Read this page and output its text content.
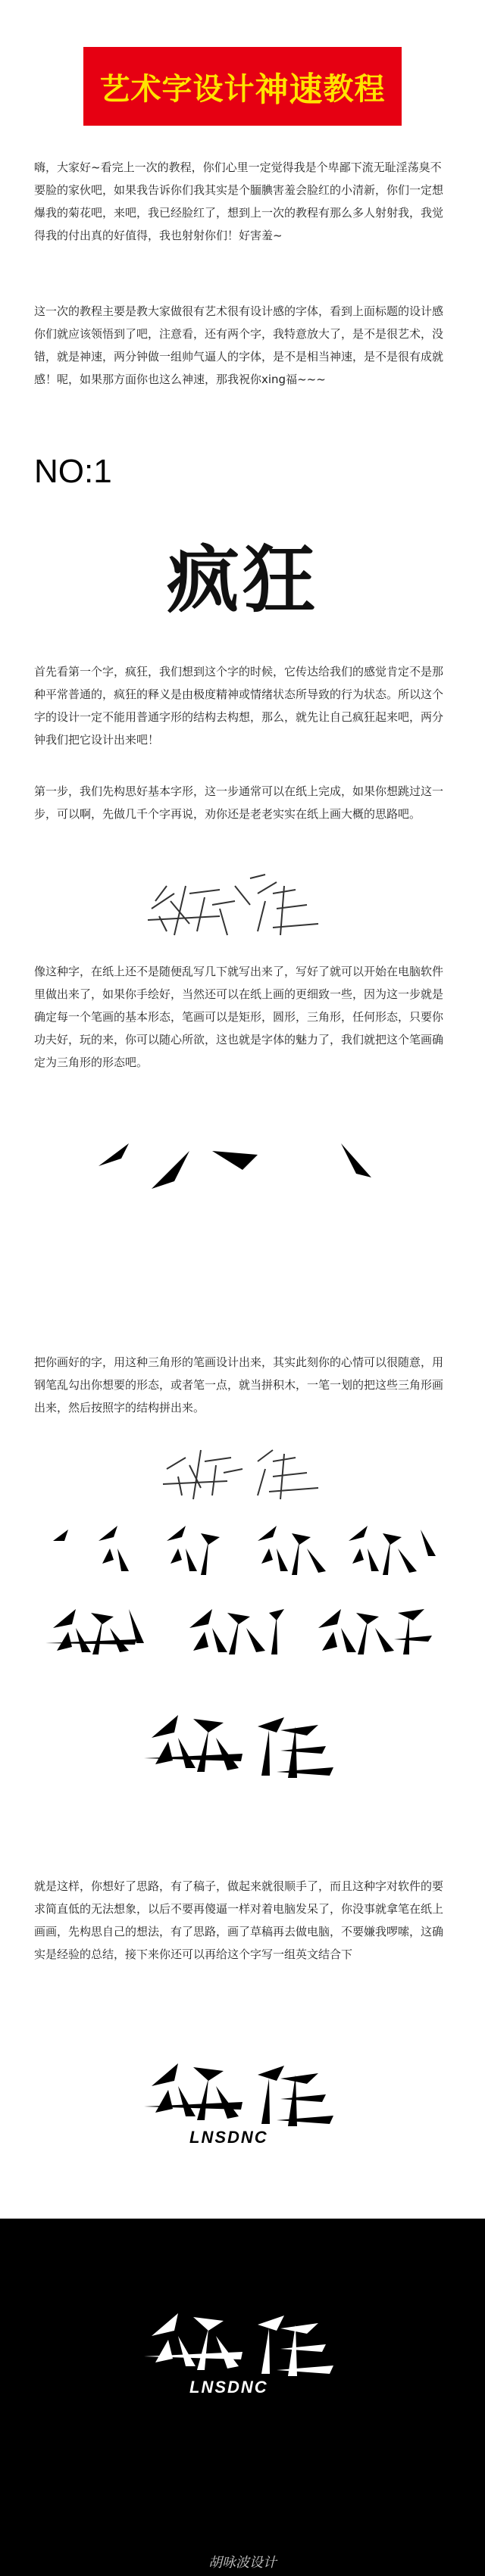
艺术字设计 神速 教程

嗨，大家好~看完上一次的教程，你们心里一定觉得我是个卑鄙下流无耻淫荡臭不要脸的家伙吧，如果我告诉你们我其实是个腼腆害羞会脸红的小清新，你们一定想爆我的菊花吧，来吧，我已经脸红了，想到上一次的教程有那么多人射射我，我觉得我的付出真的好值得，我也射射你们！好害羞~

这一次的教程主要是教大家做很有艺术很有设计感的字体，看到上面标题的设计感你们就应该领悟到了吧，注意看，还有两个字，我特意放大了，是不是很艺术，没错，就是神速，两分钟做一组帅气逼人的字体，是不是相当神速，是不是很有成就感！呢，如果那方面你也这么神速，那我祝你xing福~~~

NO:1
疯狂

首先看第一个字，疯狂，我们想到这个字的时候，它传达给我们的感觉肯定不是那种平常普通的，疯狂的释义是由极度精神或情绪状态所导致的行为状态。所以这个字的设计一定不能用普通字形的结构去构想，那么，就先让自己疯狂起来吧，两分钟我们把它设计出来吧！

第一步，我们先构思好基本字形，这一步通常可以在纸上完成，如果你想跳过这一步，可以啊，先做几千个字再说，劝你还是老老实实在纸上画大概的思路吧。

像这种字，在纸上还不是随便乱写几下就写出来了，写好了就可以开始在电脑软件里做出来了，如果你手绘好，当然还可以在纸上画的更细致一些，因为这一步就是确定每一个笔画的基本形态，笔画可以是矩形，圆形，三角形，任何形态，只要你功夫好，玩的来，你可以随心所欲，这也就是字体的魅力了，我们就把这个笔画确定为三角形的形态吧。

把你画好的字，用这种三角形的笔画设计出来，其实此刻你的心情可以很随意，用钢笔乱勾出你想要的形态，或者笔一点，就当拼积木，一笔一划的把这些三角形画出来，然后按照字的结构拼出来。

就是这样，你想好了思路，有了稿子，做起来就很顺手了，而且这种字对软件的要求简直低的无法想象，以后不要再傻逼一样对着电脑发呆了，你没事就拿笔在纸上画画，先构思自己的想法，有了思路，画了草稿再去做电脑，不要嫌我啰嗦，这确实是经验的总结，接下来你还可以再给这个字写一组英文结合下

LNSDNC
LNSDNC
胡咏波设计
